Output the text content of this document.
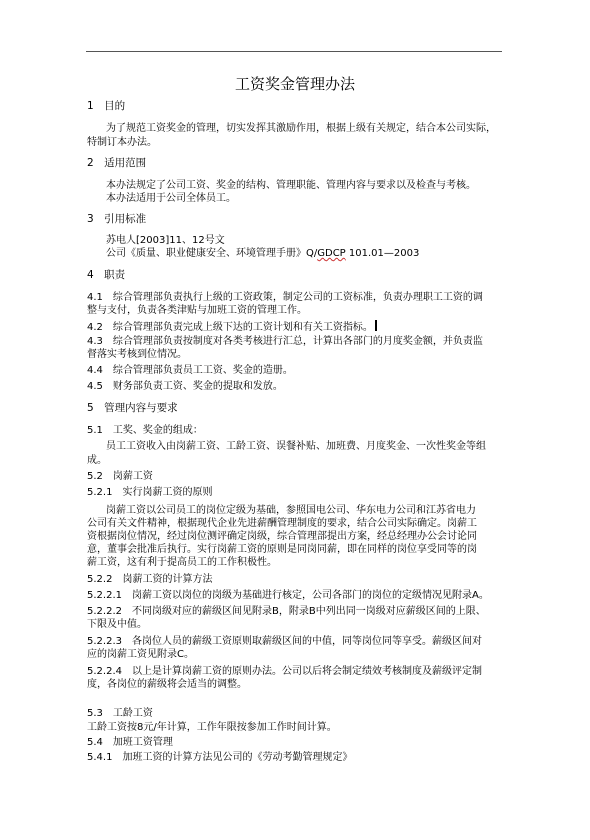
工资奖金管理办法
1　目的
为了规范工资奖金的管理，切实发挥其激励作用，根据上级有关规定，结合本公司实际，
特制订本办法。
2　适用范围
本办法规定了公司工资、奖金的结构、管理职能、管理内容与要求以及检查与考核。
本办法适用于公司全体员工。
3　引用标准
苏电人[2003]11、12号文
公司《质量、职业健康安全、环境管理手册》Q/GDCP 101.01—2003
4　职责
4.1　综合管理部负责执行上级的工资政策，制定公司的工资标准，负责办理职工工资的调
整与支付，负责各类津贴与加班工资的管理工作。
4.2　综合管理部负责完成上级下达的工资计划和有关工资指标。
4.3　综合管理部负责按制度对各类考核进行汇总，计算出各部门的月度奖金额，并负责监
督落实考核到位情况。
4.4　综合管理部负责员工工资、奖金的造册。
4.5　财务部负责工资、奖金的提取和发放。
5　管理内容与要求
5.1　工奖、奖金的组成：
员工工资收入由岗薪工资、工龄工资、误餐补贴、加班费、月度奖金、一次性奖金等组
成。
5.2　岗薪工资
5.2.1　实行岗薪工资的原则
岗薪工资以公司员工的岗位定级为基础，参照国电公司、华东电力公司和江苏省电力
公司有关文件精神，根据现代企业先进薪酬管理制度的要求，结合公司实际确定。岗薪工
资根据岗位情况，经过岗位测评确定岗级，综合管理部提出方案，经总经理办公会讨论同
意，董事会批准后执行。实行岗薪工资的原则是同岗同薪，即在同样的岗位享受同等的岗
薪工资，这有利于提高员工的工作积极性。
5.2.2　岗薪工资的计算方法
5.2.2.1　岗薪工资以岗位的岗级为基础进行核定，公司各部门的岗位的定级情况见附录A。
5.2.2.2　不同岗级对应的薪级区间见附录B，附录B中列出同一岗级对应薪级区间的上限、
下限及中值。
5.2.2.3　各岗位人员的薪级工资原则取薪级区间的中值，同等岗位同等享受。薪级区间对
应的岗薪工资见附录C。
5.2.2.4　以上是计算岗薪工资的原则办法。公司以后将会制定绩效考核制度及薪级评定制
度，各岗位的薪级将会适当的调整。
5.3　工龄工资
工龄工资按8元/年计算，工作年限按参加工作时间计算。
5.4　加班工资管理
5.4.1　加班工资的计算方法见公司的《劳动考勤管理规定》
